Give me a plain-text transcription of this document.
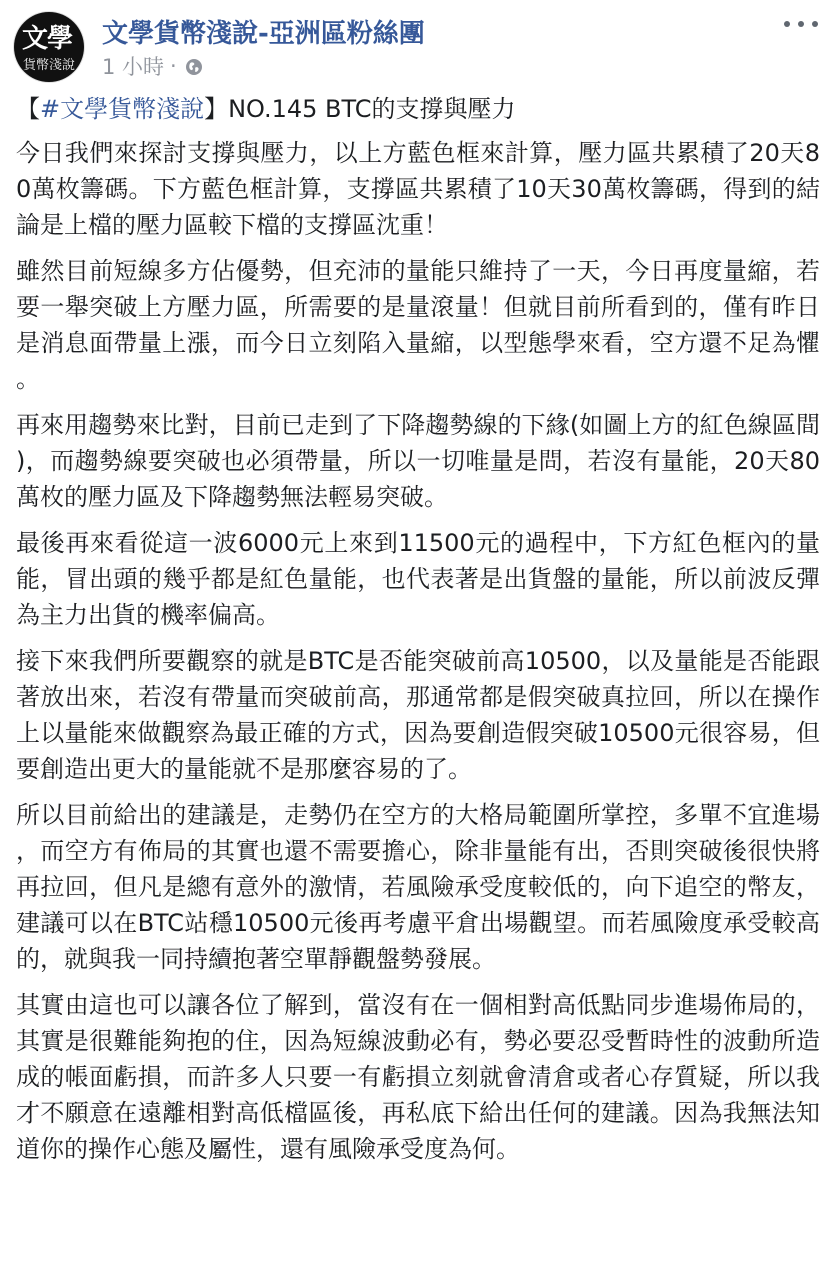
文學
貨幣淺說
文學貨幣淺說-亞洲區粉絲團
1 小時 ·
【#文學貨幣淺說】NO.145 BTC的支撐與壓力

今日我們來探討支撐與壓力，以上方藍色框來計算，壓力區共累積了20天80萬枚籌碼。下方藍色框計算，支撐區共累積了10天30萬枚籌碼，得到的結論是上檔的壓力區較下檔的支撐區沈重！

雖然目前短線多方佔優勢，但充沛的量能只維持了一天，今日再度量縮，若要一舉突破上方壓力區，所需要的是量滾量！但就目前所看到的，僅有昨日是消息面帶量上漲，而今日立刻陷入量縮，以型態學來看，空方還不足為懼。

再來用趨勢來比對，目前已走到了下降趨勢線的下緣(如圖上方的紅色線區間)，而趨勢線要突破也必須帶量，所以一切唯量是問，若沒有量能，20天80萬枚的壓力區及下降趨勢無法輕易突破。

最後再來看從這一波6000元上來到11500元的過程中，下方紅色框內的量能，冒出頭的幾乎都是紅色量能，也代表著是出貨盤的量能，所以前波反彈為主力出貨的機率偏高。

接下來我們所要觀察的就是BTC是否能突破前高10500，以及量能是否能跟著放出來，若沒有帶量而突破前高，那通常都是假突破真拉回，所以在操作上以量能來做觀察為最正確的方式，因為要創造假突破10500元很容易，但要創造出更大的量能就不是那麼容易的了。

所以目前給出的建議是，走勢仍在空方的大格局範圍所掌控，多單不宜進場，而空方有佈局的其實也還不需要擔心，除非量能有出，否則突破後很快將再拉回，但凡是總有意外的激情，若風險承受度較低的，向下追空的幣友，建議可以在BTC站穩10500元後再考慮平倉出場觀望。而若風險度承受較高的，就與我一同持續抱著空單靜觀盤勢發展。

其實由這也可以讓各位了解到，當沒有在一個相對高低點同步進場佈局的，其實是很難能夠抱的住，因為短線波動必有，勢必要忍受暫時性的波動所造成的帳面虧損，而許多人只要一有虧損立刻就會清倉或者心存質疑，所以我才不願意在遠離相對高低檔區後，再私底下給出任何的建議。因為我無法知道你的操作心態及屬性，還有風險承受度為何。
